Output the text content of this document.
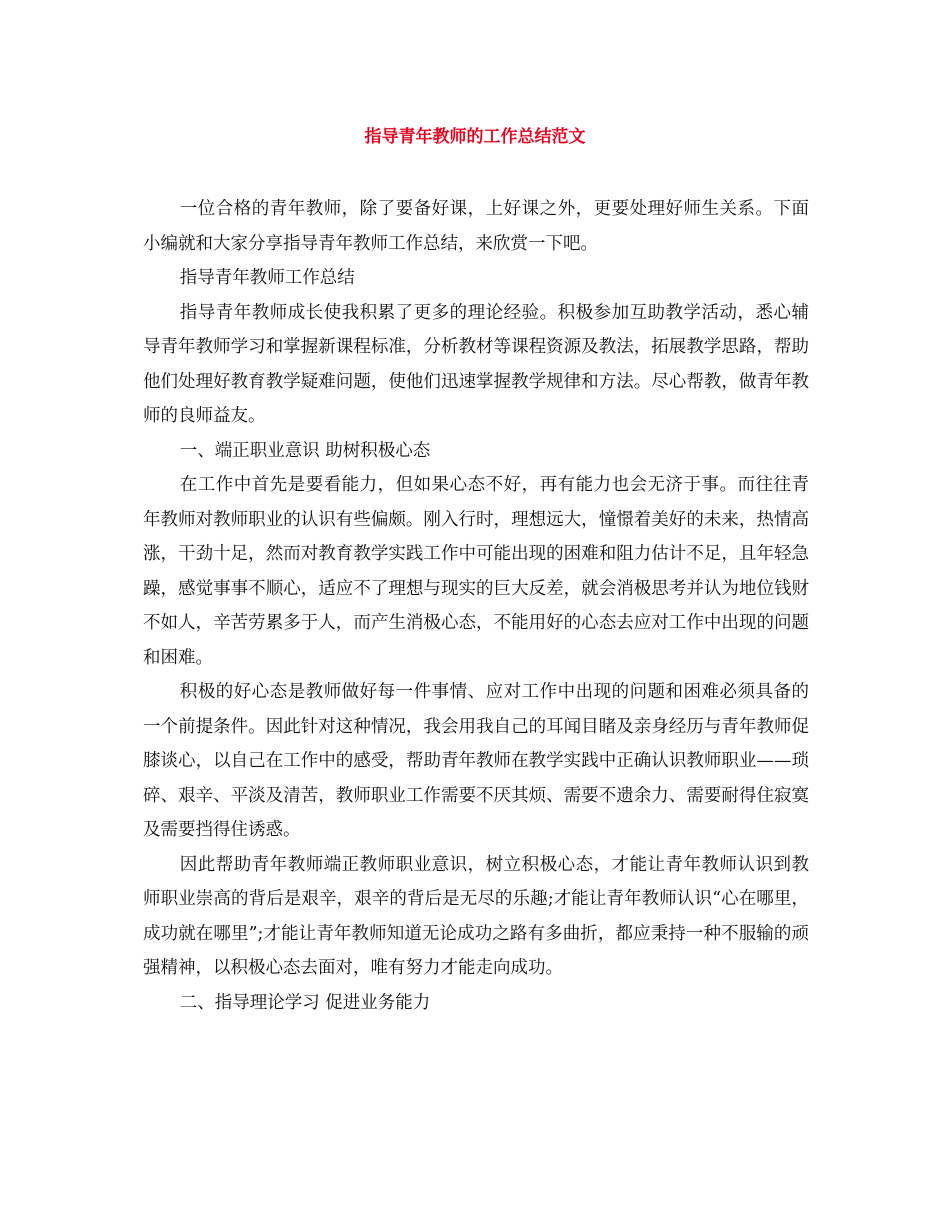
指导青年教师的工作总结范文

一位合格的青年教师，除了要备好课，上好课之外，更要处理好师生关系。下面小编就和大家分享指导青年教师工作总结，来欣赏一下吧。

指导青年教师工作总结

指导青年教师成长使我积累了更多的理论经验。积极参加互助教学活动，悉心辅导青年教师学习和掌握新课程标准，分析教材等课程资源及教法，拓展教学思路，帮助他们处理好教育教学疑难问题，使他们迅速掌握教学规律和方法。尽心帮教，做青年教师的良师益友。

一、端正职业意识 助树积极心态

在工作中首先是要看能力，但如果心态不好，再有能力也会无济于事。而往往青年教师对教师职业的认识有些偏颇。刚入行时，理想远大，憧憬着美好的未来，热情高涨，干劲十足，然而对教育教学实践工作中可能出现的困难和阻力估计不足，且年轻急躁，感觉事事不顺心，适应不了理想与现实的巨大反差，就会消极思考并认为地位钱财不如人，辛苦劳累多于人，而产生消极心态，不能用好的心态去应对工作中出现的问题和困难。

积极的好心态是教师做好每一件事情、应对工作中出现的问题和困难必须具备的一个前提条件。因此针对这种情况，我会用我自己的耳闻目睹及亲身经历与青年教师促膝谈心，以自己在工作中的感受，帮助青年教师在教学实践中正确认识教师职业——琐碎、艰辛、平淡及清苦，教师职业工作需要不厌其烦、需要不遗余力、需要耐得住寂寞及需要挡得住诱惑。

因此帮助青年教师端正教师职业意识，树立积极心态，才能让青年教师认识到教师职业崇高的背后是艰辛，艰辛的背后是无尽的乐趣;才能让青年教师认识“心在哪里，成功就在哪里”;才能让青年教师知道无论成功之路有多曲折，都应秉持一种不服输的顽强精神，以积极心态去面对，唯有努力才能走向成功。

二、指导理论学习 促进业务能力
